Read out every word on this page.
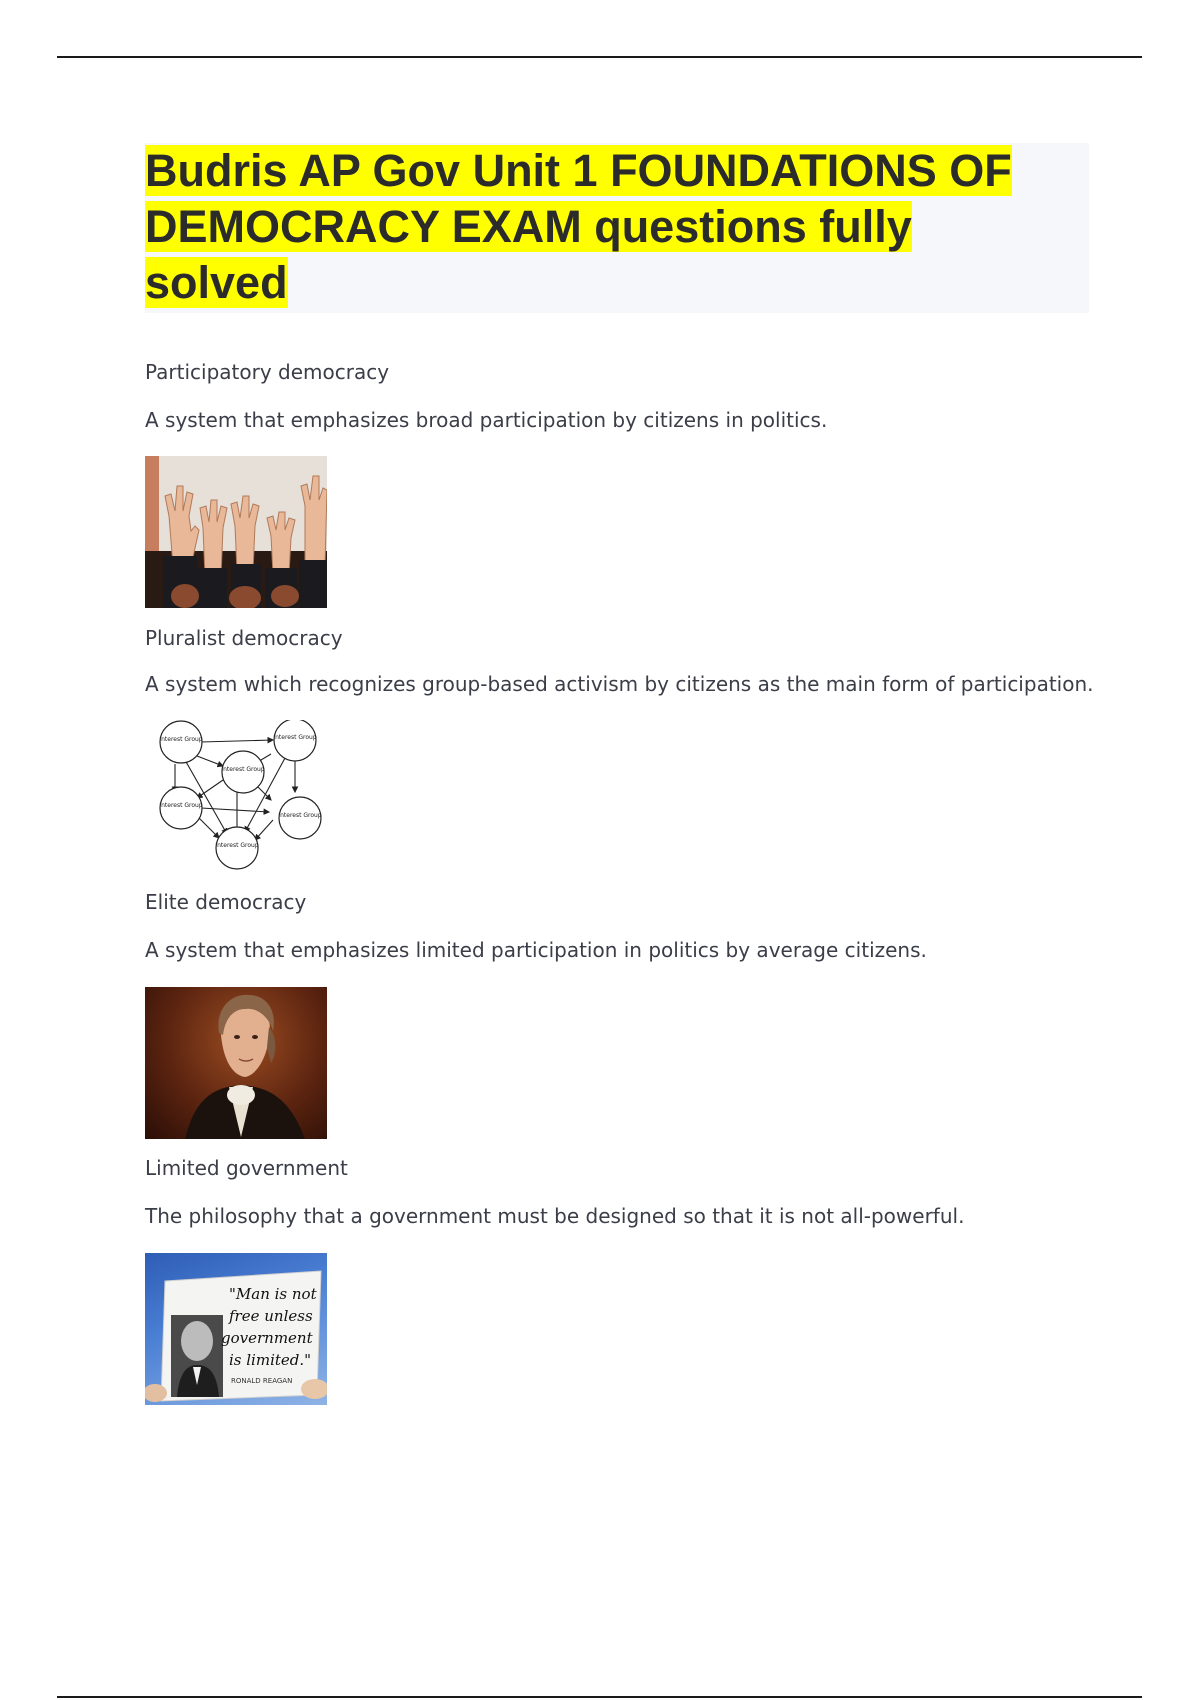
Budris AP Gov Unit 1 FOUNDATIONS OF
DEMOCRACY EXAM questions fully
solved

Participatory democracy

A system that emphasizes broad participation by citizens in politics.

Pluralist democracy

A system which recognizes group-based activism by citizens as the main form of participation.

Interest Group	Interest Group
Interest Group
Interest Group
Interest Group
Interest Group

Elite democracy

A system that emphasizes limited participation in politics by average citizens.

Limited government

The philosophy that a government must be designed so that it is not all-powerful.

"Man is not
free unless
government
is limited."
RONALD REAGAN
